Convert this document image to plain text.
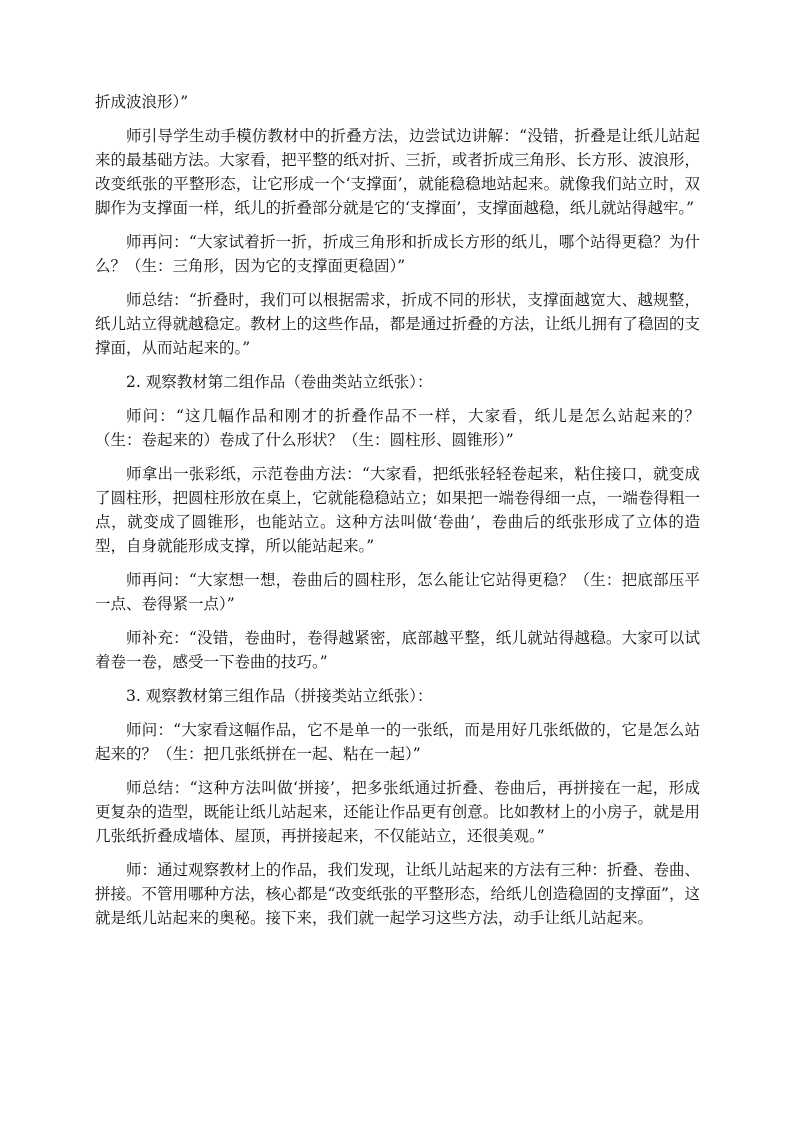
折成波浪形）”

师引导学生动手模仿教材中的折叠方法，边尝试边讲解：“没错，折叠是让纸儿站起来的最基础方法。大家看，把平整的纸对折、三折，或者折成三角形、长方形、波浪形，改变纸张的平整形态，让它形成一个‘支撑面’，就能稳稳地站起来。就像我们站立时，双脚作为支撑面一样，纸儿的折叠部分就是它的‘支撑面’，支撑面越稳，纸儿就站得越牢。”

师再问：“大家试着折一折，折成三角形和折成长方形的纸儿，哪个站得更稳？为什么？（生：三角形，因为它的支撑面更稳固）”

师总结：“折叠时，我们可以根据需求，折成不同的形状，支撑面越宽大、越规整，纸儿站立得就越稳定。教材上的这些作品，都是通过折叠的方法，让纸儿拥有了稳固的支撑面，从而站起来的。”

2. 观察教材第二组作品（卷曲类站立纸张）：

师问：“这几幅作品和刚才的折叠作品不一样，大家看，纸儿是怎么站起来的？（生：卷起来的）卷成了什么形状？（生：圆柱形、圆锥形）”

师拿出一张彩纸，示范卷曲方法：“大家看，把纸张轻轻卷起来，粘住接口，就变成了圆柱形，把圆柱形放在桌上，它就能稳稳站立；如果把一端卷得细一点，一端卷得粗一点，就变成了圆锥形，也能站立。这种方法叫做‘卷曲’，卷曲后的纸张形成了立体的造型，自身就能形成支撑，所以能站起来。”

师再问：“大家想一想，卷曲后的圆柱形，怎么能让它站得更稳？（生：把底部压平一点、卷得紧一点）”

师补充：“没错，卷曲时，卷得越紧密，底部越平整，纸儿就站得越稳。大家可以试着卷一卷，感受一下卷曲的技巧。”

3. 观察教材第三组作品（拼接类站立纸张）：

师问：“大家看这幅作品，它不是单一的一张纸，而是用好几张纸做的，它是怎么站起来的？（生：把几张纸拼在一起、粘在一起）”

师总结：“这种方法叫做‘拼接’，把多张纸通过折叠、卷曲后，再拼接在一起，形成更复杂的造型，既能让纸儿站起来，还能让作品更有创意。比如教材上的小房子，就是用几张纸折叠成墙体、屋顶，再拼接起来，不仅能站立，还很美观。”

师：通过观察教材上的作品，我们发现，让纸儿站起来的方法有三种：折叠、卷曲、拼接。不管用哪种方法，核心都是“改变纸张的平整形态，给纸儿创造稳固的支撑面”，这就是纸儿站起来的奥秘。接下来，我们就一起学习这些方法，动手让纸儿站起来。
